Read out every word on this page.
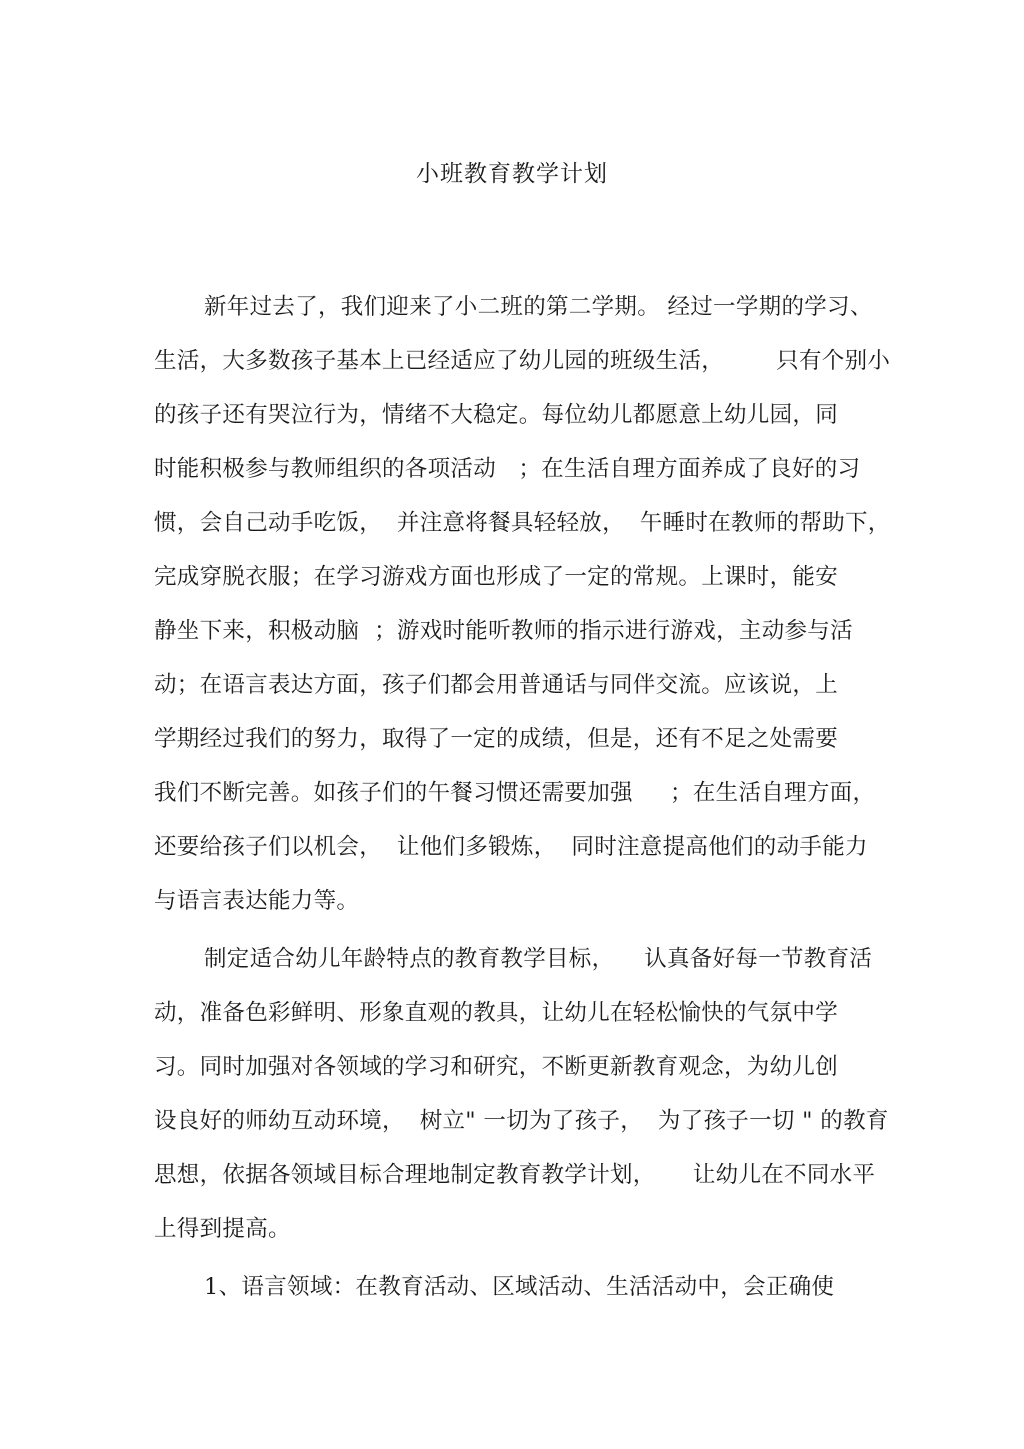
小班教育教学计划
新年过去了，我们迎来了小二班的第二学期。 经过一学期的学习、
生活，大多数孩子基本上已经适应了幼儿园的班级生活，       只有个别小
的孩子还有哭泣行为，情绪不大稳定。每位幼儿都愿意上幼儿园，同
时能积极参与教师组织的各项活动   ；在生活自理方面养成了良好的习
惯，会自己动手吃饭，  并注意将餐具轻轻放，  午睡时在教师的帮助下，
完成穿脱衣服；在学习游戏方面也形成了一定的常规。上课时，能安
静坐下来，积极动脑  ；游戏时能听教师的指示进行游戏，主动参与活
动；在语言表达方面，孩子们都会用普通话与同伴交流。应该说，上
学期经过我们的努力，取得了一定的成绩，但是，还有不足之处需要
我们不断完善。如孩子们的午餐习惯还需要加强     ；在生活自理方面，
还要给孩子们以机会，  让他们多锻炼，  同时注意提高他们的动手能力
与语言表达能力等。
制定适合幼儿年龄特点的教育教学目标，    认真备好每一节教育活
动，准备色彩鲜明、形象直观的教具，让幼儿在轻松愉快的气氛中学
习。同时加强对各领域的学习和研究，不断更新教育观念，为幼儿创
设良好的师幼互动环境，  树立" 一切为了孩子，  为了孩子一切 " 的教育
思想，依据各领域目标合理地制定教育教学计划，     让幼儿在不同水平
上得到提高。
1、语言领域：在教育活动、区域活动、生活活动中，会正确使
